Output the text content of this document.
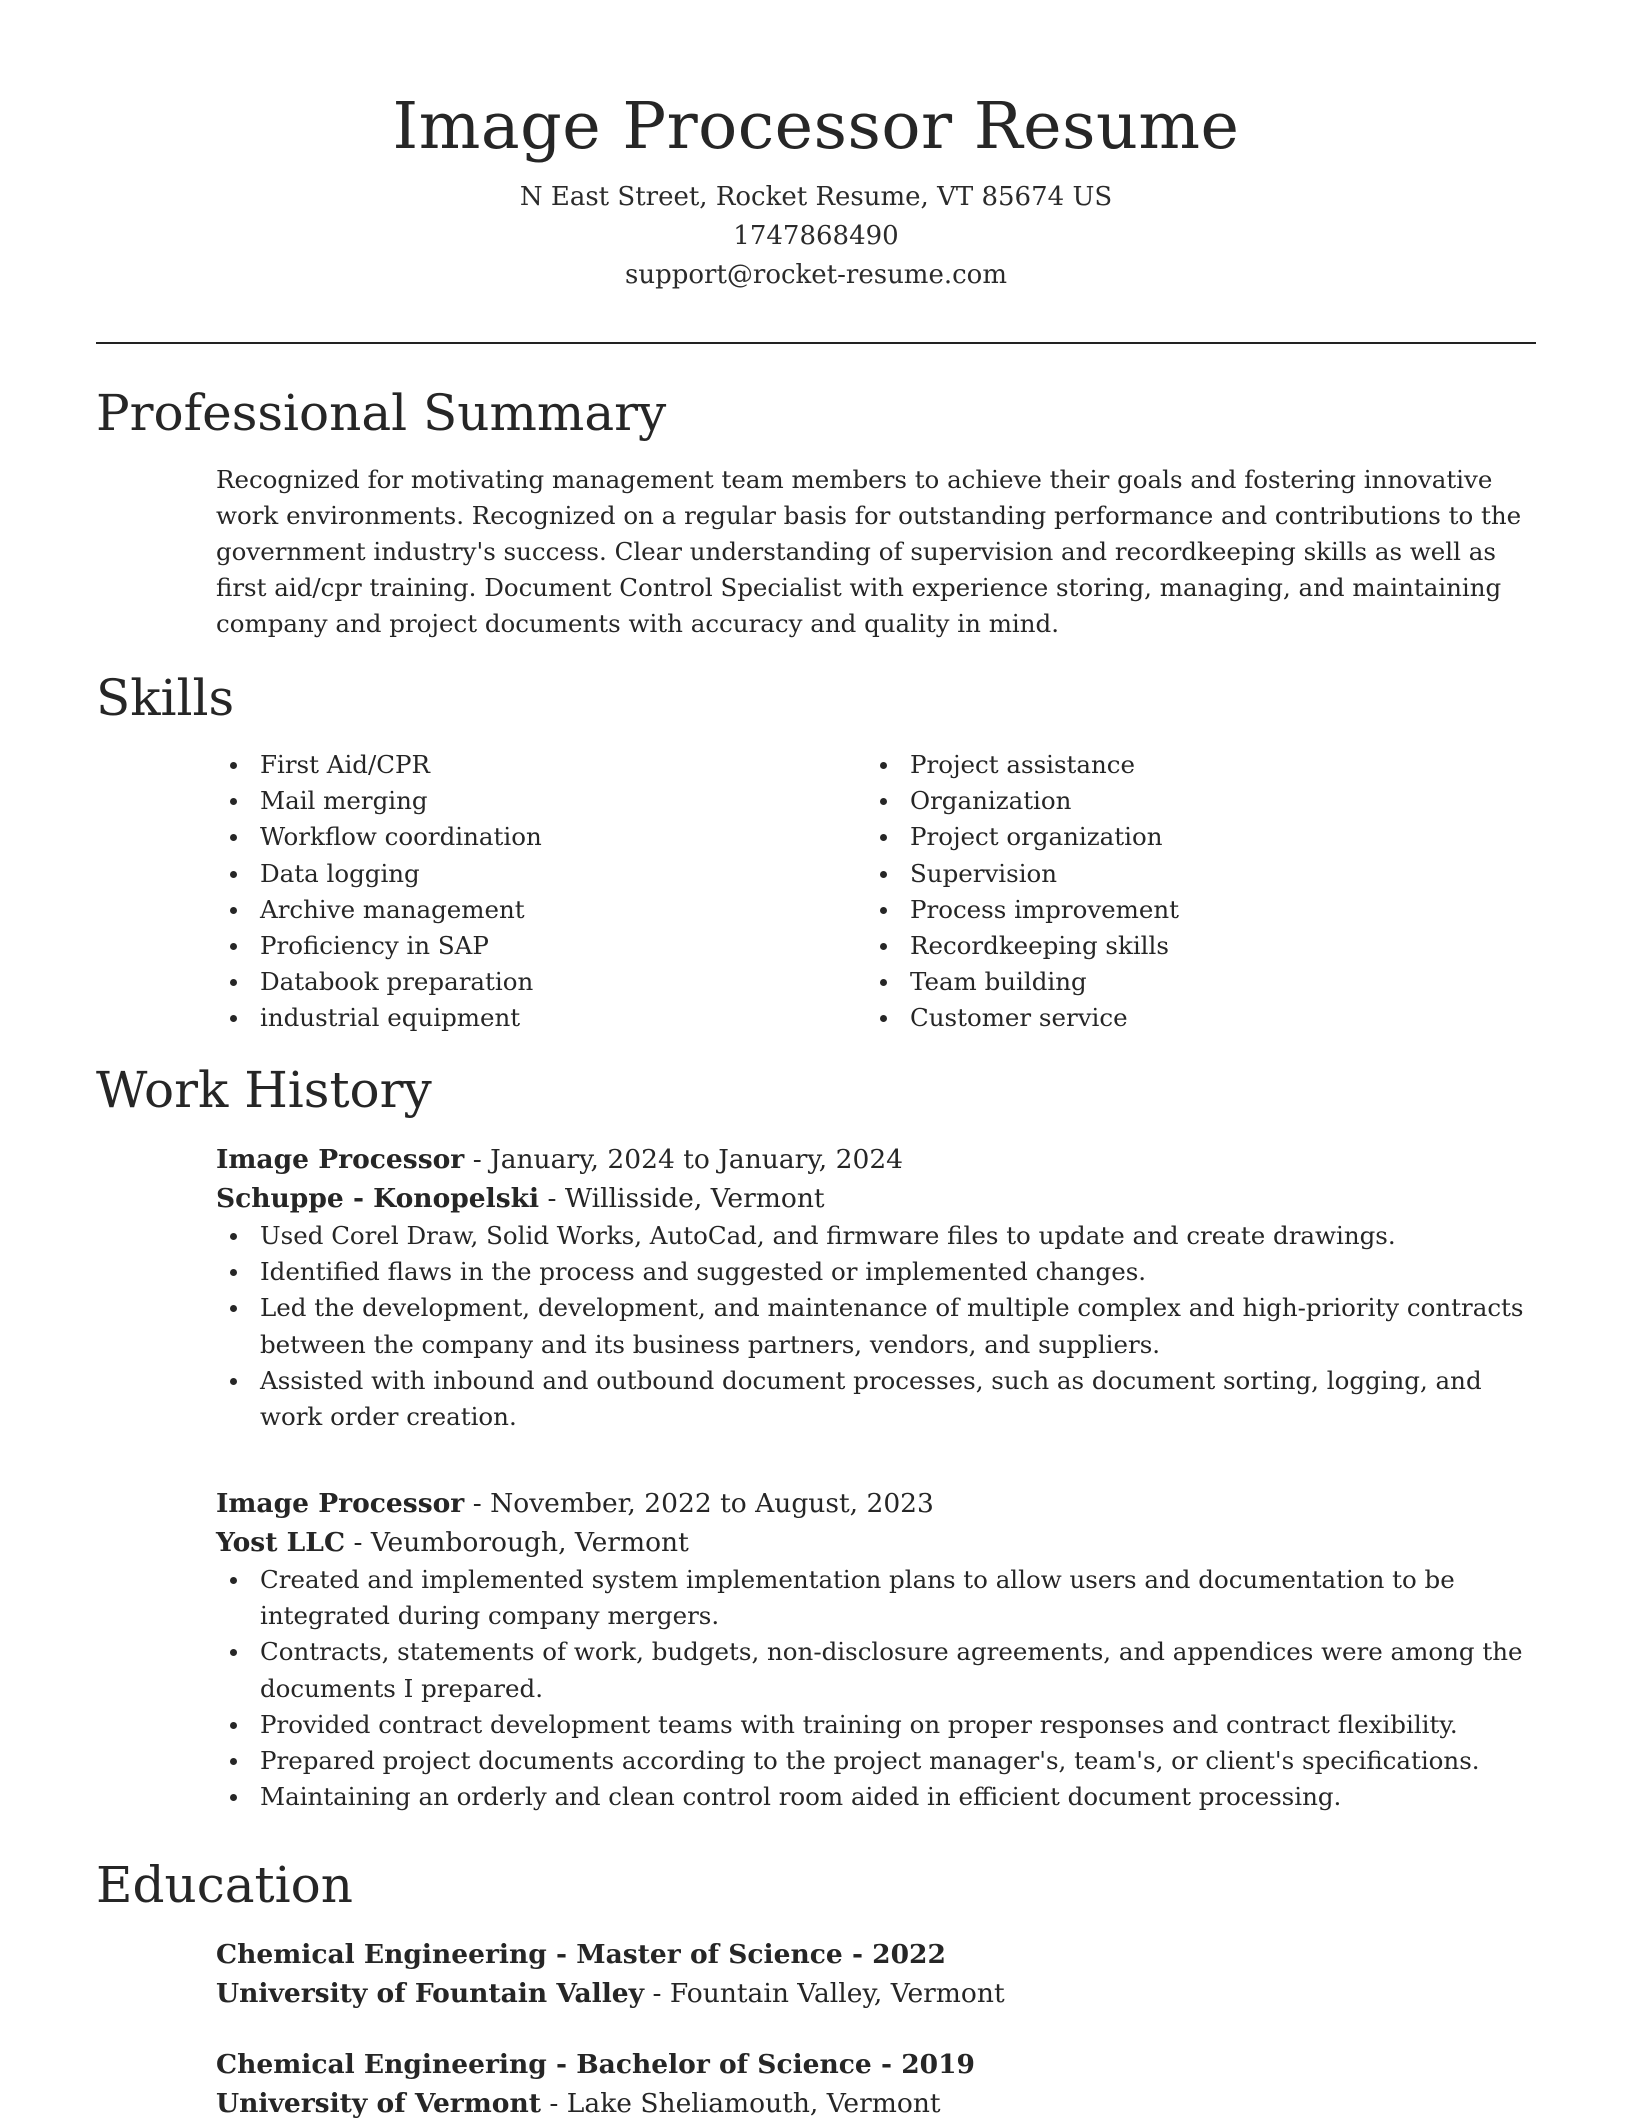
Image Processor Resume
N East Street, Rocket Resume, VT 85674 US
1747868490
support@rocket-resume.com
Professional Summary

Recognized for motivating management team members to achieve their goals and fostering innovative work environments. Recognized on a regular basis for outstanding performance and contributions to the government industry's success. Clear understanding of supervision and recordkeeping skills as well as first aid/cpr training. Document Control Specialist with experience storing, managing, and maintaining company and project documents with accuracy and quality in mind.

Skills
First Aid/CPR
Mail merging
Workflow coordination
Data logging
Archive management
Proficiency in SAP
Databook preparation
industrial equipment
Project assistance
Organization
Project organization
Supervision
Process improvement
Recordkeeping skills
Team building
Customer service
Work History
Image Processor - January, 2024 to January, 2024
Schuppe - Konopelski - Willisside, Vermont
Used Corel Draw, Solid Works, AutoCad, and firmware files to update and create drawings.
Identified flaws in the process and suggested or implemented changes.
Led the development, development, and maintenance of multiple complex and high-priority contracts between the company and its business partners, vendors, and suppliers.
Assisted with inbound and outbound document processes, such as document sorting, logging, and work order creation.
Image Processor - November, 2022 to August, 2023
Yost LLC - Veumborough, Vermont
Created and implemented system implementation plans to allow users and documentation to be integrated during company mergers.
Contracts, statements of work, budgets, non-disclosure agreements, and appendices were among the documents I prepared.
Provided contract development teams with training on proper responses and contract flexibility.
Prepared project documents according to the project manager's, team's, or client's specifications.
Maintaining an orderly and clean control room aided in efficient document processing.
Education
Chemical Engineering - Master of Science - 2022
University of Fountain Valley - Fountain Valley, Vermont
Chemical Engineering - Bachelor of Science - 2019
University of Vermont - Lake Sheliamouth, Vermont
